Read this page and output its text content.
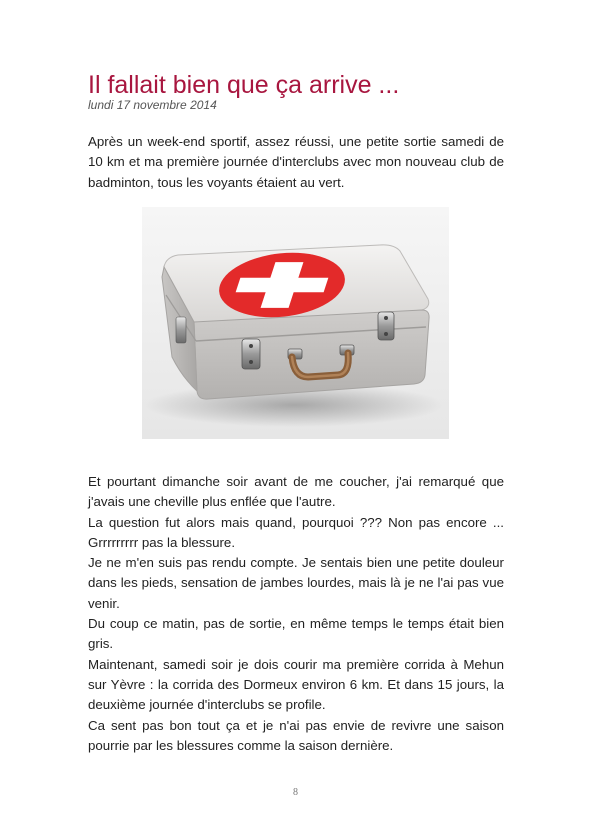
Il fallait bien que ça arrive ...

lundi 17 novembre 2014

Après un week-end sportif, assez réussi, une petite sortie samedi de 10 km et ma première journée d'interclubs avec mon nouveau club de badminton, tous les voyants étaient au vert.

Et pourtant dimanche soir avant de me coucher, j'ai remarqué que j'avais une cheville plus enflée que l'autre.

La question fut alors mais quand, pourquoi ??? Non pas encore ... Grrrrrrrrr pas la blessure.

Je ne m'en suis pas rendu compte. Je sentais bien une petite douleur dans les pieds, sensation de jambes lourdes, mais là je ne l'ai pas vue venir.

Du coup ce matin, pas de sortie, en même temps le temps était bien gris.

Maintenant, samedi soir je dois courir ma première corrida à Mehun sur Yèvre : la corrida des Dormeux environ 6 km. Et dans 15 jours, la deuxième journée d'interclubs se profile.

Ca sent pas bon tout ça et je n'ai pas envie de revivre une saison pourrie par les blessures comme la saison dernière.

8
